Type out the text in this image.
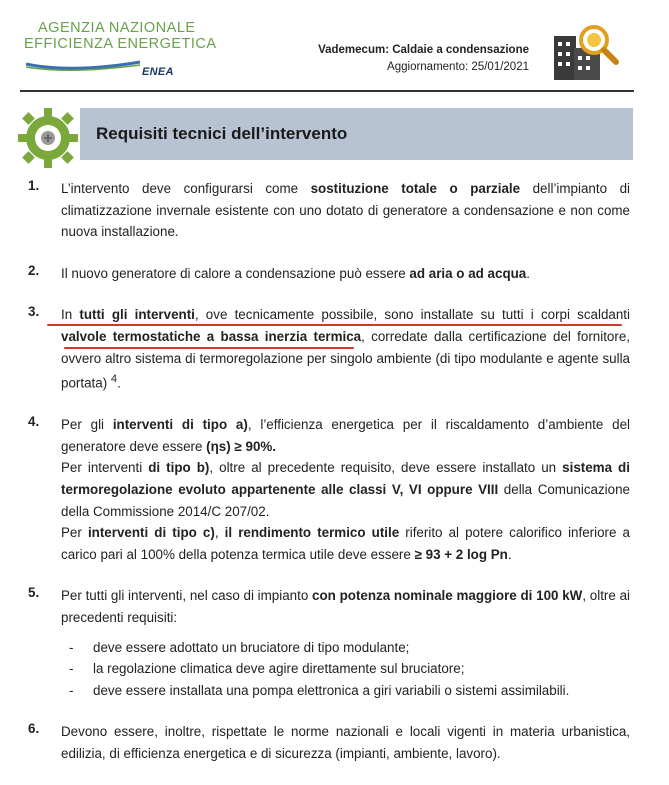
AGENZIA NAZIONALE
EFFICIENZA ENERGETICA
ENEA
Vademecum: Caldaie a condensazione
Aggiornamento: 25/01/2021
Requisiti tecnici dell’intervento
1. L’intervento deve configurarsi come sostituzione totale o parziale dell’impianto di climatizzazione invernale esistente con uno dotato di generatore a condensazione e non come nuova installazione.
2. Il nuovo generatore di calore a condensazione può essere ad aria o ad acqua.
3. In tutti gli interventi, ove tecnicamente possibile, sono installate su tutti i corpi scaldanti valvole termostatiche a bassa inerzia termica, corredate dalla certificazione del fornitore, ovvero altro sistema di termoregolazione per singolo ambiente (di tipo modulante e agente sulla portata) $^4$.
4. Per gli interventi di tipo a), l’efficienza energetica per il riscaldamento d’ambiente del generatore deve essere (ηs) ≥ 90%.
Per interventi di tipo b), oltre al precedente requisito, deve essere installato un sistema di termoregolazione evoluto appartenente alle classi V, VI oppure VIII della Comunicazione della Commissione 2014/C 207/02.
Per interventi di tipo c), il rendimento termico utile riferito al potere calorifico inferiore a carico pari al 100% della potenza termica utile deve essere ≥ 93 + 2 log Pn.
5. Per tutti gli interventi, nel caso di impianto con potenza nominale maggiore di 100 kW, oltre ai precedenti requisiti:
- deve essere adottato un bruciatore di tipo modulante;
- la regolazione climatica deve agire direttamente sul bruciatore;
- deve essere installata una pompa elettronica a giri variabili o sistemi assimilabili.
6. Devono essere, inoltre, rispettate le norme nazionali e locali vigenti in materia urbanistica, edilizia, di efficienza energetica e di sicurezza (impianti, ambiente, lavoro).
